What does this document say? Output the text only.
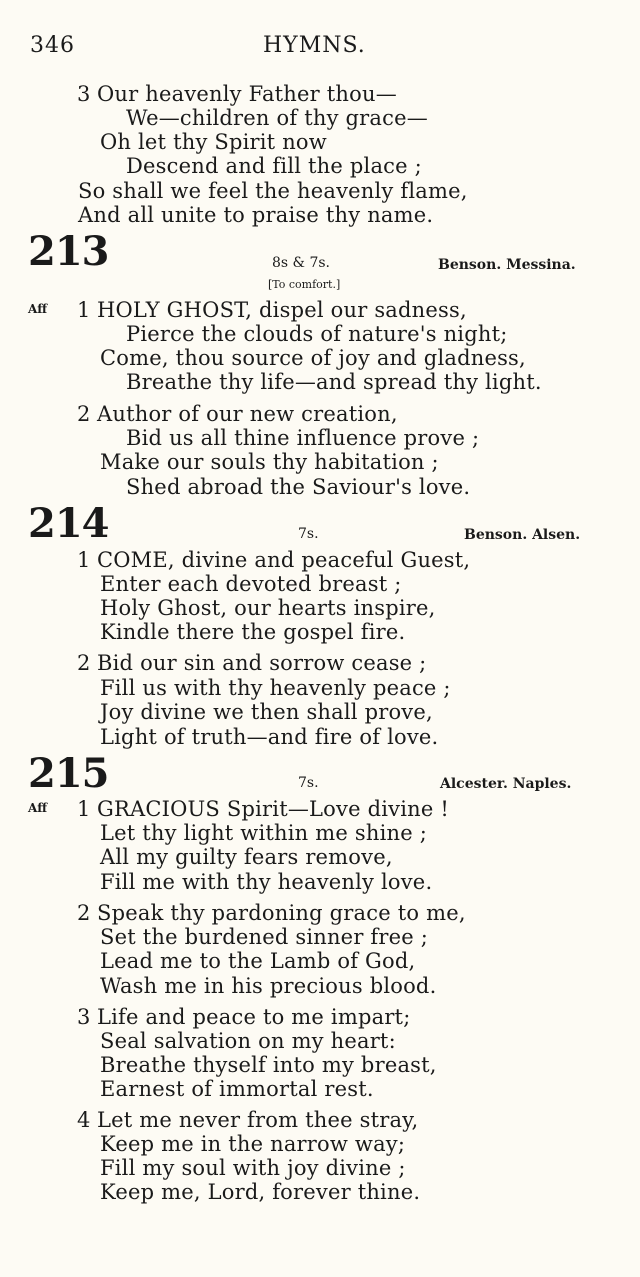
346	HYMNS.
3 Our heavenly Father thou—
We—children of thy grace—
Oh let thy Spirit now
Descend and fill the place ;
So shall we feel the heavenly flame,
And all unite to praise thy name.
213	8s & 7s.	Benson. Messina.
[To comfort.]
Aff 1 HOLY GHOST, dispel our sadness,
Pierce the clouds of nature's night;
Come, thou source of joy and gladness,
Breathe thy life—and spread thy light.
2 Author of our new creation,
Bid us all thine influence prove ;
Make our souls thy habitation ;
Shed abroad the Saviour's love.
214	7s.	Benson. Alsen.
1 COME, divine and peaceful Guest,
Enter each devoted breast ;
Holy Ghost, our hearts inspire,
Kindle there the gospel fire.
2 Bid our sin and sorrow cease ;
Fill us with thy heavenly peace ;
Joy divine we then shall prove,
Light of truth—and fire of love.
215	7s.	Alcester. Naples.
Aff 1 GRACIOUS Spirit—Love divine !
Let thy light within me shine ;
All my guilty fears remove,
Fill me with thy heavenly love.
2 Speak thy pardoning grace to me,
Set the burdened sinner free ;
Lead me to the Lamb of God,
Wash me in his precious blood.
3 Life and peace to me impart;
Seal salvation on my heart:
Breathe thyself into my breast,
Earnest of immortal rest.
4 Let me never from thee stray,
Keep me in the narrow way;
Fill my soul with joy divine ;
Keep me, Lord, forever thine.
